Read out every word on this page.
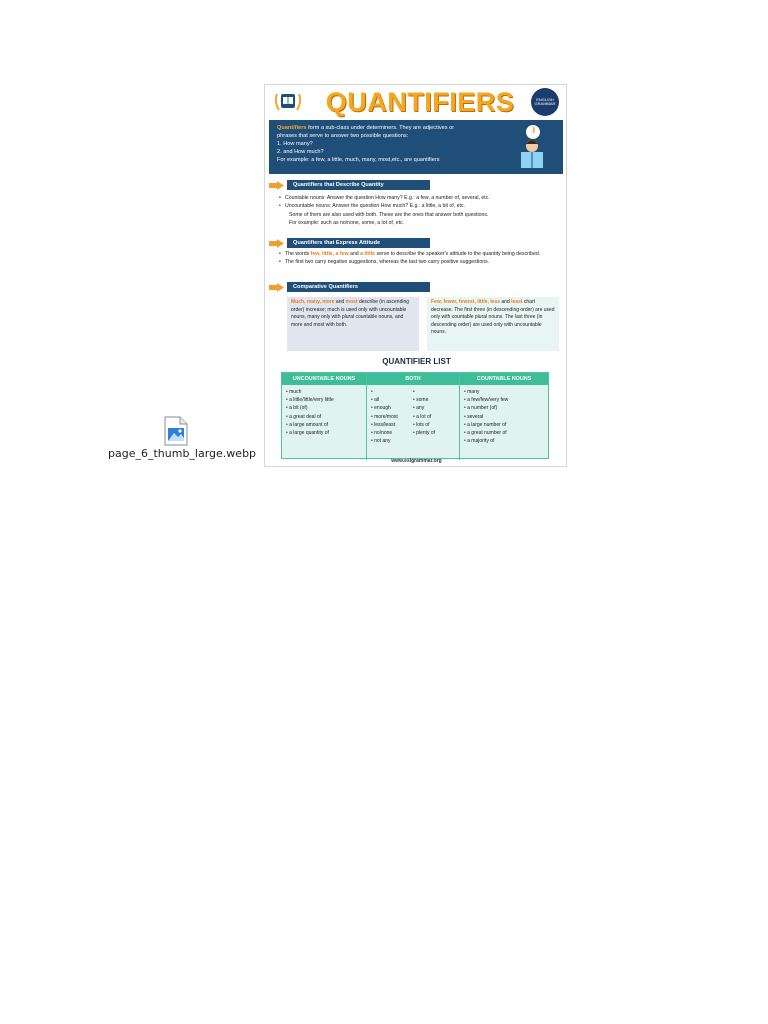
page_6_thumb_large.webp
QUANTIFIERS	ENGLISH GRAMMAR
Quantifiers form a sub-class under determiners. They are adjectives or
phrases that serve to answer two possible questions:
1. How many?
2. and How much?
For example: a few, a little, much, many, most,etc., are quantifiers
Quantifiers that Describe Quantity
• Countable nouns: Answer the question How many? E.g.: a few, a number of, several, etc.
• Uncountable nouns: Answer the question How much? E.g.: a little, a bit of, etc.
Some of them are also used with both. These are the ones that answer both questions.
For example: such as no/none, some, a lot of, etc.
Quantifiers that Express Attitude
• The words few, little, a few and a little serve to describe the speaker's attitude to the quantity being described.
• The first two carry negative suggestions, whereas the last two carry positive suggestions.
Comparative Quantifiers
Much, many, more and most describe (in ascending order) increase; much is used only with uncountable nouns, many only with plural countable nouns, and more and most with both.
Few, fewer, fewest, little, less and least chart decrease. The first three (in descending order) are used only with countable plural nouns. The last three (in descending order) are used only with uncountable nouns.
QUANTIFIER LIST
UNCOUNTABLE NOUNS
• much
• a little/little/very little
• a bit (of)
• a great deal of
• a large amount of
• a large quantity of
BOTH
• • all
• enough
• more/most
• less/least
• no/none
• not any
• • some
• any
• a lot of
• lots of
• plenty of
COUNTABLE NOUNS
• many
• a few/few/very few
• a number (of)
• several
• a large number of
• a great number of
• a majority of
www.eslgrammar.org
